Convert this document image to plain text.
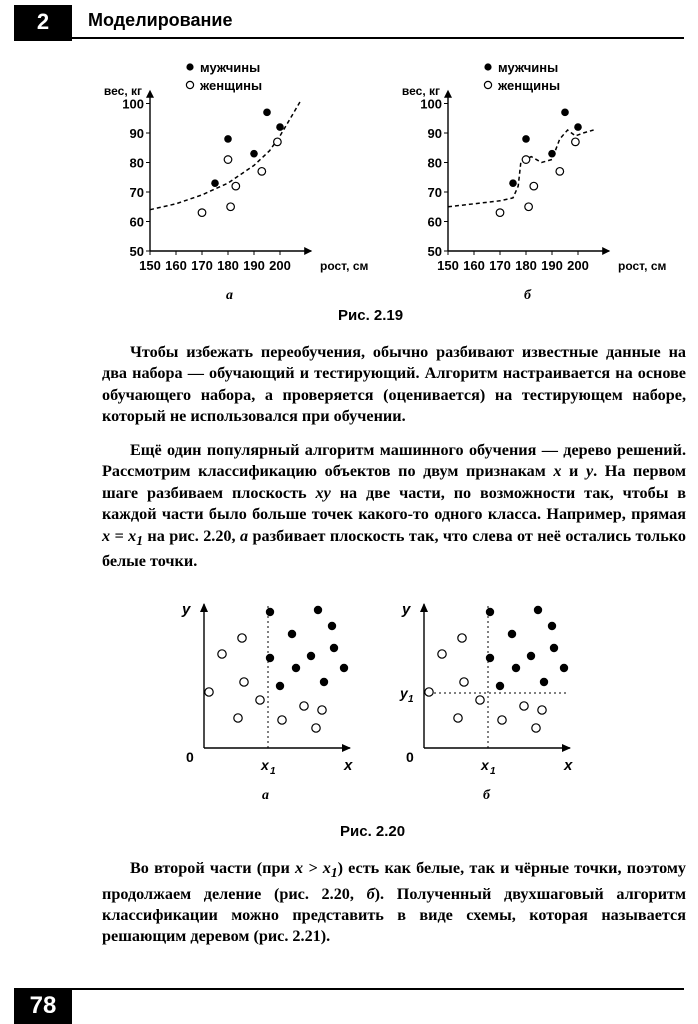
2	Моделирование
50
60
70
80
90
100
150 160 170 180 190 200
вес, кг
рост, см
мужчины
женщины
50
60
70
80
90
100
150 160 170 180 190 200
вес, кг
рост, см
мужчины
женщины
а	б
Рис. 2.19

Чтобы избежать переобучения, обычно разбивают известные данные на два набора — обучающий и тестирующий. Алгоритм настраивается на основе обучающего набора, а проверяется (оценивается) на тестирующем наборе, который не использовался при обучении.

Ещё один популярный алгоритм машинного обучения — дерево решений. Рассмотрим классификацию объектов по двум признакам x и y. На первом шаге разбиваем плоскость xy на две части, по возможности так, чтобы в каждой части было больше точек какого-то одного класса. Например, прямая $x = x_1$ на рис. 2.20, а разбивает плоскость так, что слева от неё остались только белые точки.

y
x
0	x 1
y
x
0	x 1
y 1
а	б
Рис. 2.20

Во второй части (при $x > x_1$) есть как белые, так и чёрные точки, поэтому продолжаем деление (рис. 2.20, б). Полученный двухшаговый алгоритм классификации можно представить в виде схемы, которая называется решающим деревом (рис. 2.21).

78
